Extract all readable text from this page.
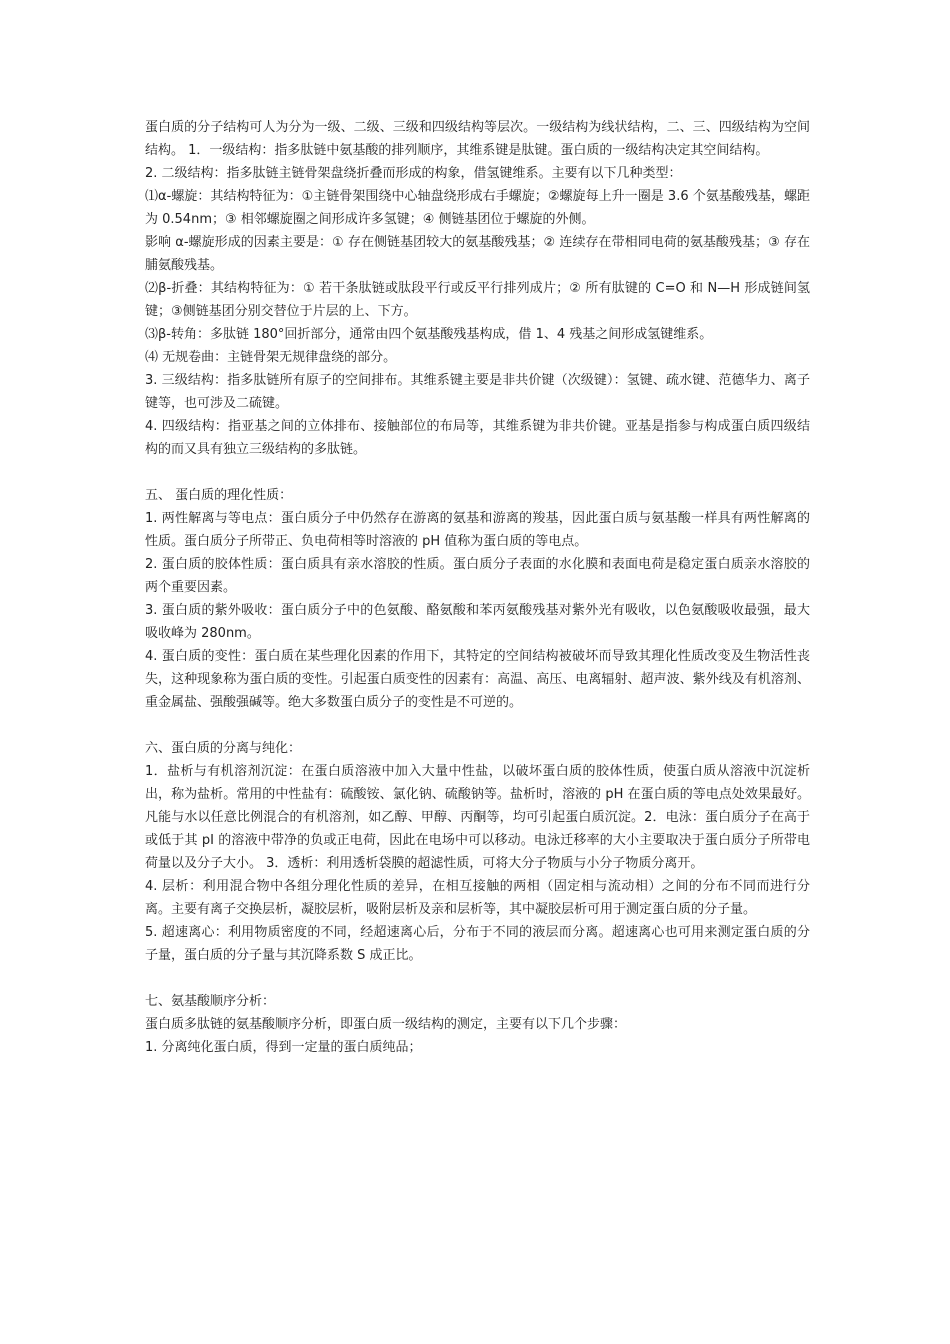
蛋白质的分子结构可人为分为一级、二级、三级和四级结构等层次。一级结构为线状结构，二、三、四级结构为空间结构。 1．一级结构：指多肽链中氨基酸的排列顺序，其维系键是肽键。蛋白质的一级结构决定其空间结构。

2. 二级结构：指多肽链主链骨架盘绕折叠而形成的构象，借氢键维系。主要有以下几种类型：

⑴α-螺旋：其结构特征为：①主链骨架围绕中心轴盘绕形成右手螺旋；②螺旋每上升一圈是 3.6 个氨基酸残基，螺距为 0.54nm；③ 相邻螺旋圈之间形成许多氢键；④ 侧链基团位于螺旋的外侧。

影响 α-螺旋形成的因素主要是：① 存在侧链基团较大的氨基酸残基；② 连续存在带相同电荷的氨基酸残基；③ 存在脯氨酸残基。

⑵β-折叠：其结构特征为：① 若干条肽链或肽段平行或反平行排列成片；② 所有肽键的 C=O 和 N—H 形成链间氢键；③侧链基团分别交替位于片层的上、下方。

⑶β-转角：多肽链 180°回折部分，通常由四个氨基酸残基构成，借 1、4 残基之间形成氢键维系。

⑷ 无规卷曲：主链骨架无规律盘绕的部分。

3. 三级结构：指多肽链所有原子的空间排布。其维系键主要是非共价键（次级键）：氢键、疏水键、范德华力、离子键等，也可涉及二硫键。

4. 四级结构：指亚基之间的立体排布、接触部位的布局等，其维系键为非共价键。亚基是指参与构成蛋白质四级结构的而又具有独立三级结构的多肽链。

五、 蛋白质的理化性质：

1. 两性解离与等电点：蛋白质分子中仍然存在游离的氨基和游离的羧基，因此蛋白质与氨基酸一样具有两性解离的性质。蛋白质分子所带正、负电荷相等时溶液的 pH 值称为蛋白质的等电点。

2. 蛋白质的胶体性质：蛋白质具有亲水溶胶的性质。蛋白质分子表面的水化膜和表面电荷是稳定蛋白质亲水溶胶的两个重要因素。

3. 蛋白质的紫外吸收：蛋白质分子中的色氨酸、酪氨酸和苯丙氨酸残基对紫外光有吸收，以色氨酸吸收最强，最大吸收峰为 280nm。

4. 蛋白质的变性：蛋白质在某些理化因素的作用下，其特定的空间结构被破坏而导致其理化性质改变及生物活性丧失，这种现象称为蛋白质的变性。引起蛋白质变性的因素有：高温、高压、电离辐射、超声波、紫外线及有机溶剂、重金属盐、强酸强碱等。绝大多数蛋白质分子的变性是不可逆的。

六、蛋白质的分离与纯化：

1．盐析与有机溶剂沉淀：在蛋白质溶液中加入大量中性盐，以破坏蛋白质的胶体性质，使蛋白质从溶液中沉淀析出，称为盐析。常用的中性盐有：硫酸铵、氯化钠、硫酸钠等。盐析时，溶液的 pH 在蛋白质的等电点处效果最好。凡能与水以任意比例混合的有机溶剂，如乙醇、甲醇、丙酮等，均可引起蛋白质沉淀。2．电泳：蛋白质分子在高于或低于其 pI 的溶液中带净的负或正电荷，因此在电场中可以移动。电泳迁移率的大小主要取决于蛋白质分子所带电荷量以及分子大小。 3．透析：利用透析袋膜的超滤性质，可将大分子物质与小分子物质分离开。

4. 层析：利用混合物中各组分理化性质的差异，在相互接触的两相（固定相与流动相）之间的分布不同而进行分离。主要有离子交换层析，凝胶层析，吸附层析及亲和层析等，其中凝胶层析可用于测定蛋白质的分子量。

5. 超速离心：利用物质密度的不同，经超速离心后，分布于不同的液层而分离。超速离心也可用来测定蛋白质的分子量，蛋白质的分子量与其沉降系数 S 成正比。

七、氨基酸顺序分析：

蛋白质多肽链的氨基酸顺序分析，即蛋白质一级结构的测定，主要有以下几个步骤：

1. 分离纯化蛋白质，得到一定量的蛋白质纯品；
